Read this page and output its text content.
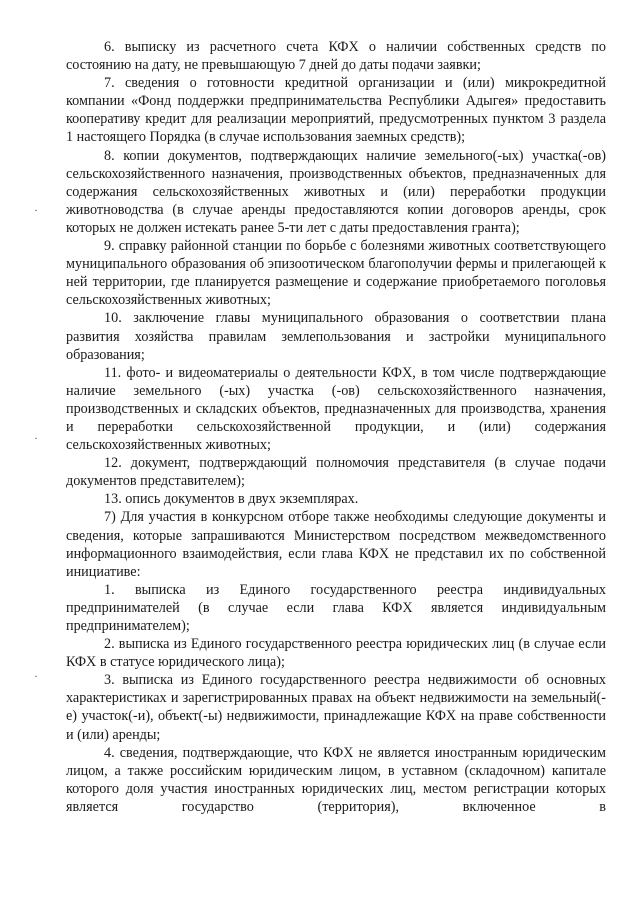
·
·
·

6. выписку из расчетного счета КФХ о наличии собственных средств по состоянию на дату, не превышающую 7 дней до даты подачи заявки;

7. сведения о готовности кредитной организации и (или) микрокредитной компании «Фонд поддержки предпринимательства Республики Адыгея» предоставить кооперативу кредит для реализации мероприятий, предусмотренных пунктом 3 раздела 1 настоящего Порядка (в случае использования заемных средств);

8. копии документов, подтверждающих наличие земельного(-ых) участка(-ов) сельскохозяйственного назначения, производственных объектов, предназначенных для содержания сельскохозяйственных животных и (или) переработки продукции животноводства (в случае аренды предоставляются копии договоров аренды, срок которых не должен истекать ранее 5-ти лет с даты предоставления гранта);

9. справку районной станции по борьбе с болезнями животных соответствующего муниципального образования об эпизоотическом благополучии фермы и прилегающей к ней территории, где планируется размещение и содержание приобретаемого поголовья сельскохозяйственных животных;

10. заключение главы муниципального образования о соответствии плана развития хозяйства правилам землепользования и застройки муниципального образования;

11. фото- и видеоматериалы о деятельности КФХ, в том числе подтверждающие наличие земельного (-ых) участка (-ов) сельскохозяйственного назначения, производственных и складских объектов, предназначенных для производства, хранения и переработки сельскохозяйственной продукции, и (или) содержания сельскохозяйственных животных;

12. документ, подтверждающий полномочия представителя (в случае подачи документов представителем);

13. опись документов в двух экземплярах.

7) Для участия в конкурсном отборе также необходимы следующие документы и сведения, которые запрашиваются Министерством посредством межведомственного информационного взаимодействия, если глава КФХ не представил их по собственной инициативе:

1. выписка из Единого государственного реестра индивидуальных предпринимателей (в случае если глава КФХ является индивидуальным предпринимателем);

2. выписка из Единого государственного реестра юридических лиц (в случае если КФХ в статусе юридического лица);

3. выписка из Единого государственного реестра недвижимости об основных характеристиках и зарегистрированных правах на объект недвижимости на земельный(-е) участок(-и), объект(-ы) недвижимости, принадлежащие КФХ на праве собственности и (или) аренды;

4. сведения, подтверждающие, что КФХ не является иностранным юридическим лицом, а также российским юридическим лицом, в уставном (складочном) капитале которого доля участия иностранных юридических лиц, местом регистрации которых является государство (территория), включенное в
